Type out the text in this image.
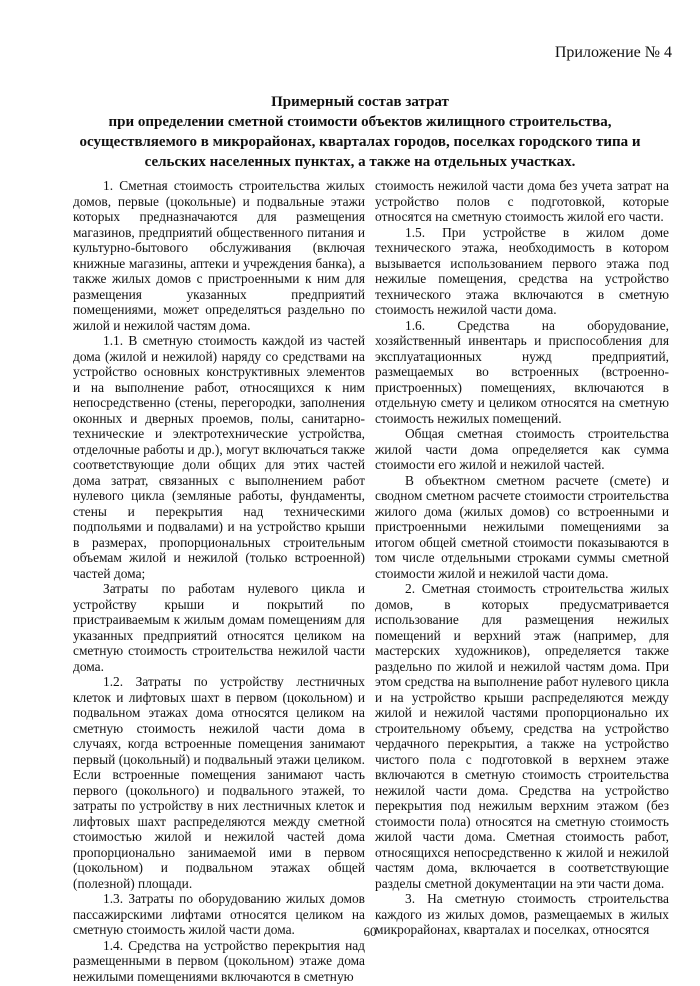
Приложение № 4
Примерный состав затрат
при определении сметной стоимости объектов жилищного строительства, осуществляемого в микрорайонах, кварталах городов, поселках городского типа и сельских населенных пунктах, а также на отдельных участках.

1. Сметная стоимость строительства жилых домов, первые (цокольные) и подвальные этажи которых предназначаются для размещения магазинов, предприятий общественного питания и культурно-бытового обслуживания (включая книжные магазины, аптеки и учреждения банка), а также жилых домов с пристроенными к ним для размещения указанных предприятий помещениями, может определяться раздельно по жилой и нежилой частям дома.

1.1. В сметную стоимость каждой из частей дома (жилой и нежилой) наряду со средствами на устройство основных конструктивных элементов и на выполнение работ, относящихся к ним непосредственно (стены, перегородки, заполнения оконных и дверных проемов, полы, санитарно-технические и электротехнические устройства, отделочные работы и др.), могут включаться также соответствующие доли общих для этих частей дома затрат, связанных с выполнением работ нулевого цикла (земляные работы, фундаменты, стены и перекрытия над техническими подпольями и подвалами) и на устройство крыши в размерах, пропорциональных строительным объемам жилой и нежилой (только встроенной) частей дома;

Затраты по работам нулевого цикла и устройству крыши и покрытий по пристраиваемым к жилым домам помещениям для указанных предприятий относятся целиком на сметную стоимость строительства нежилой части дома.

1.2. Затраты по устройству лестничных клеток и лифтовых шахт в первом (цокольном) и подвальном этажах дома относятся целиком на сметную стоимость нежилой части дома в случаях, когда встроенные помещения занимают первый (цокольный) и подвальный этажи целиком. Если встроенные помещения занимают часть первого (цокольного) и подвального этажей, то затраты по устройству в них лестничных клеток и лифтовых шахт распределяются между сметной стоимостью жилой и нежилой частей дома пропорционально занимаемой ими в первом (цокольном) и подвальном этажах общей (полезной) площади.

1.3. Затраты по оборудованию жилых домов пассажирскими лифтами относятся целиком на сметную стоимость жилой части дома.

1.4. Средства на устройство перекрытия над размещенными в первом (цокольном) этаже дома нежилыми помещениями включаются в сметную

стоимость нежилой части дома без учета затрат на устройство полов с подготовкой, которые относятся на сметную стоимость жилой его части.

1.5. При устройстве в жилом доме технического этажа, необходимость в котором вызывается использованием первого этажа под нежилые помещения, средства на устройство технического этажа включаются в сметную стоимость нежилой части дома.

1.6. Средства на оборудование, хозяйственный инвентарь и приспособления для эксплуатационных нужд предприятий, размещаемых во встроенных (встроенно-пристроенных) помещениях, включаются в отдельную смету и целиком относятся на сметную стоимость нежилых помещений.

Общая сметная стоимость строительства жилой части дома определяется как сумма стоимости его жилой и нежилой частей.

В объектном сметном расчете (смете) и сводном сметном расчете стоимости строительства жилого дома (жилых домов) со встроенными и пристроенными нежилыми помещениями за итогом общей сметной стоимости показываются в том числе отдельными строками суммы сметной стоимости жилой и нежилой части дома.

2. Сметная стоимость строительства жилых домов, в которых предусматривается использование для размещения нежилых помещений и верхний этаж (например, для мастерских художников), определяется также раздельно по жилой и нежилой частям дома. При этом средства на выполнение работ нулевого цикла и на устройство крыши распределяются между жилой и нежилой частями пропорционально их строительному объему, средства на устройство чердачного перекрытия, а также на устройство чистого пола с подготовкой в верхнем этаже включаются в сметную стоимость строительства нежилой части дома. Средства на устройство перекрытия под нежилым верхним этажом (без стоимости пола) относятся на сметную стоимость жилой части дома. Сметная стоимость работ, относящихся непосредственно к жилой и нежилой частям дома, включается в соответствующие разделы сметной документации на эти части дома.

3. На сметную стоимость строительства каждого из жилых домов, размещаемых в жилых микрорайонах, кварталах и поселках, относятся

60
